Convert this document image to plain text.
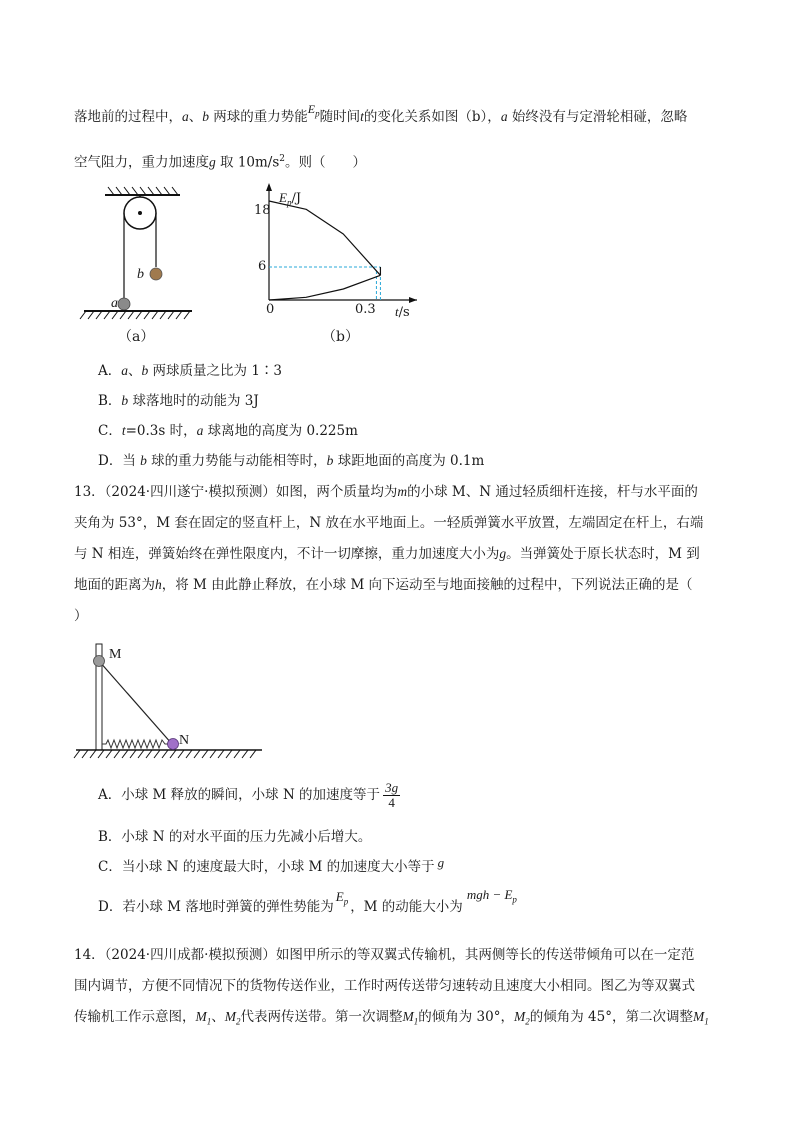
落地前的过程中，a、b 两球的重力势能$E_p$随时间t的变化关系如图（b），a 始终没有与定滑轮相碰，忽略
空气阻力，重力加速度g 取 $10m/s^2$。则（　　）
b
a
（a）
$E_p/J$
18
6
0	0.3 t/s
（b）
A．a、b 两球质量之比为 1∶3
B．b 球落地时的动能为 3J
C．t=0.3s 时，a 球离地的高度为 0.225m
D．当 b 球的重力势能与动能相等时，b 球距地面的高度为 0.1m
13．（2024·四川遂宁·模拟预测）如图，两个质量均为m的小球 M、N 通过轻质细杆连接，杆与水平面的
夹角为 53°，M 套在固定的竖直杆上，N 放在水平地面上。一轻质弹簧水平放置，左端固定在杆上，右端
与 N 相连，弹簧始终在弹性限度内，不计一切摩擦，重力加速度大小为g。当弹簧处于原长状态时，M 到
地面的距离为h，将 M 由此静止释放，在小球 M 向下运动至与地面接触的过程中，下列说法正确的是（
）
M
N
A．小球 M 释放的瞬间，小球 N 的加速度等于 $\frac{3g}{4}$
B．小球 N 的对水平面的压力先减小后增大。
C．当小球 N 的速度最大时，小球 M 的加速度大小等于 g
D．若小球 M 落地时弹簧的弹性势能为$E_p$ ，M 的动能大小为mgh − $E_p$
14．（2024·四川成都·模拟预测）如图甲所示的等双翼式传输机，其两侧等长的传送带倾角可以在一定范
围内调节，方便不同情况下的货物传送作业，工作时两传送带匀速转动且速度大小相同。图乙为等双翼式
传输机工作示意图，$M_1$、$M_2$代表两传送带。第一次调整$M_1$的倾角为 30°，$M_2$的倾角为 45°，第二次调整$M_1$
